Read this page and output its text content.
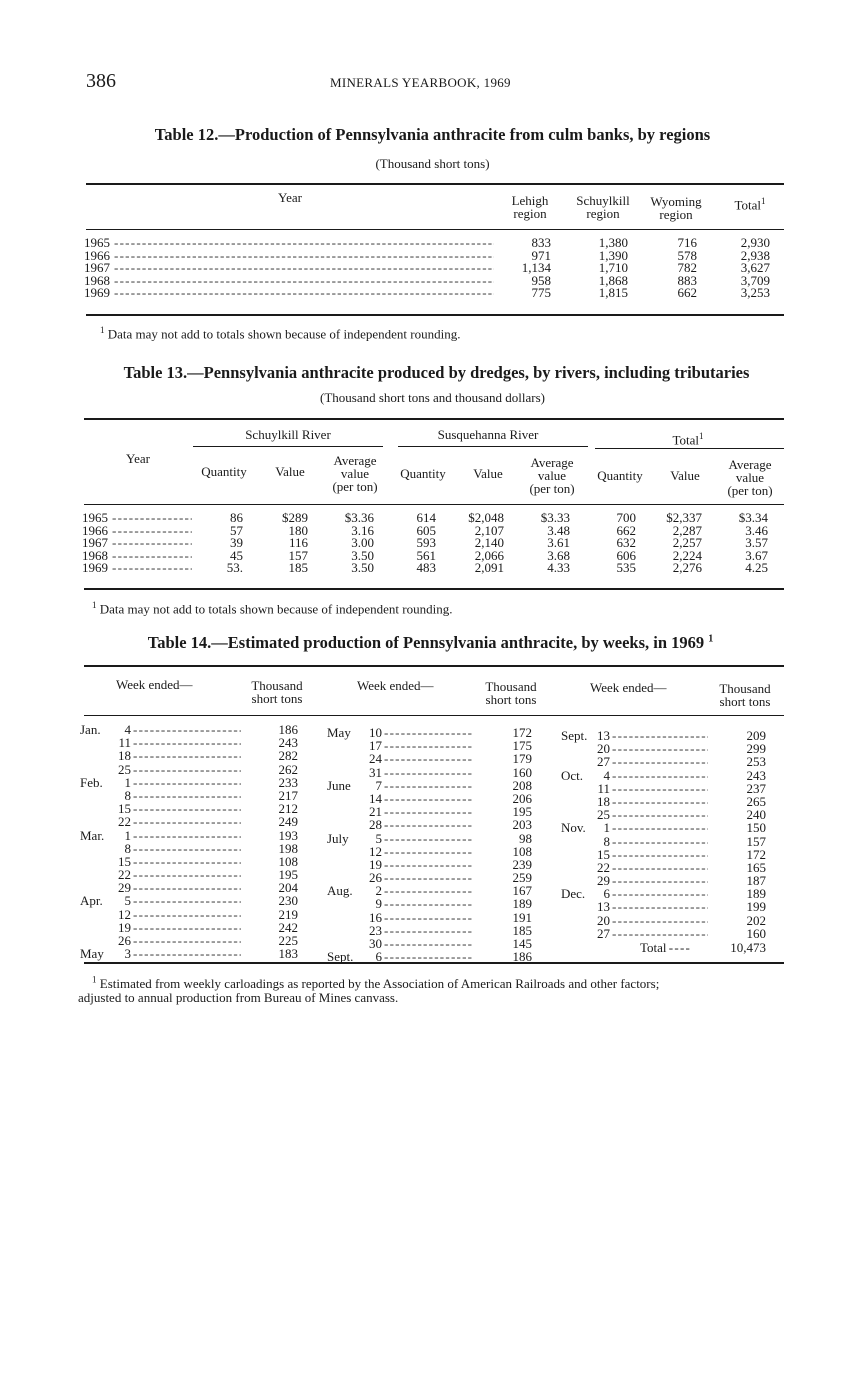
386	MINERALS YEARBOOK, 1969
Table 12.—Production of Pennsylvania anthracite from culm banks, by regions
(Thousand short tons)
Year	Lehigh
region
Schuylkill
region
Wyoming
region
Total$^1$
1965 - - -	833	1,380	716	2,930
1966 - - -	971	1,390	578	2,938
1967 - - -	1,134	1,710	782	3,627
1968 - - -	958	1,868	883	3,709
1969 - - -	775	1,815	662	3,253
$^1$ Data may not add to totals shown because of independent rounding.
Table 13.—Pennsylvania anthracite produced by dredges, by rivers, including tributaries
(Thousand short tons and thousand dollars)
Year
Schuylkill River	Susquehanna River	Total$^1$
Quantity	Value
Average
value
(per ton)
Quantity	Value
Average
value
(per ton)
Quantity	Value
Average
value
(per ton)
1965 - - -	86	$289	$3.36	614	$2,048	$3.33	700	$2,337	$3.34
1966 - - -	57	180	3.16	605	2,107	3.48	662	2,287	3.46
1967 - - -	39	116	3.00	593	2,140	3.61	632	2,257	3.57
1968 - - -	45	157	3.50	561	2,066	3.68	606	2,224	3.67
1969 - - -	53.	185	3.50	483	2,091	4.33	535	2,276	4.25
$^1$ Data may not add to totals shown because of independent rounding.
Table 14.—Estimated production of Pennsylvania anthracite, by weeks, in 1969 $^1$
Week ended—	Thousand
short tons
Week ended—	Thousand
short tons
Week ended—	Thousand
short tons
Jan.	4 - - -	186
11 - - -	243
18 - - -	282
25 - - -	262
Feb.	1 - - -	233
8 - - -	217
15 - - -	212
22 - - -	249
Mar.	1 - - -	193
8 - - -	198
15 - - -	108
22 - - -	195
29 - - -	204
Apr.	5 - - -	230
12 - - -	219
19 - - -	242
26 - - -	225
May	3 - - -	183
May	10 - - -	172
17 - - -	175
24 - - -	179
31 - - -	160
June	7 - - -	208
14 - - -	206
21 - - -	195
28 - - -	203
July	5 - - -	98
12 - - -	108
19 - - -	239
26 - - -	259
Aug.	2 - - -	167
9 - - -	189
16 - - -	191
23 - - -	185
30 - - -	145
Sept.	6 - - -	186
Sept. 13 - - -	209
20 - - -	299
27 - - -	253
Oct.	4 - - -	243
11 - - -	237
18 - - -	265
25 - - -	240
Nov.	1 - - -	150
8 - - -	157
15 - - -	172
22 - - -	165
29 - - -	187
Dec.	6 - - -	189
13 - - -	199
20 - - -	202
27 - - -	160
Total - - - -	10,473
$^1$ Estimated from weekly carloadings as reported by the Association of American Railroads and other factors;
adjusted to annual production from Bureau of Mines canvass.
